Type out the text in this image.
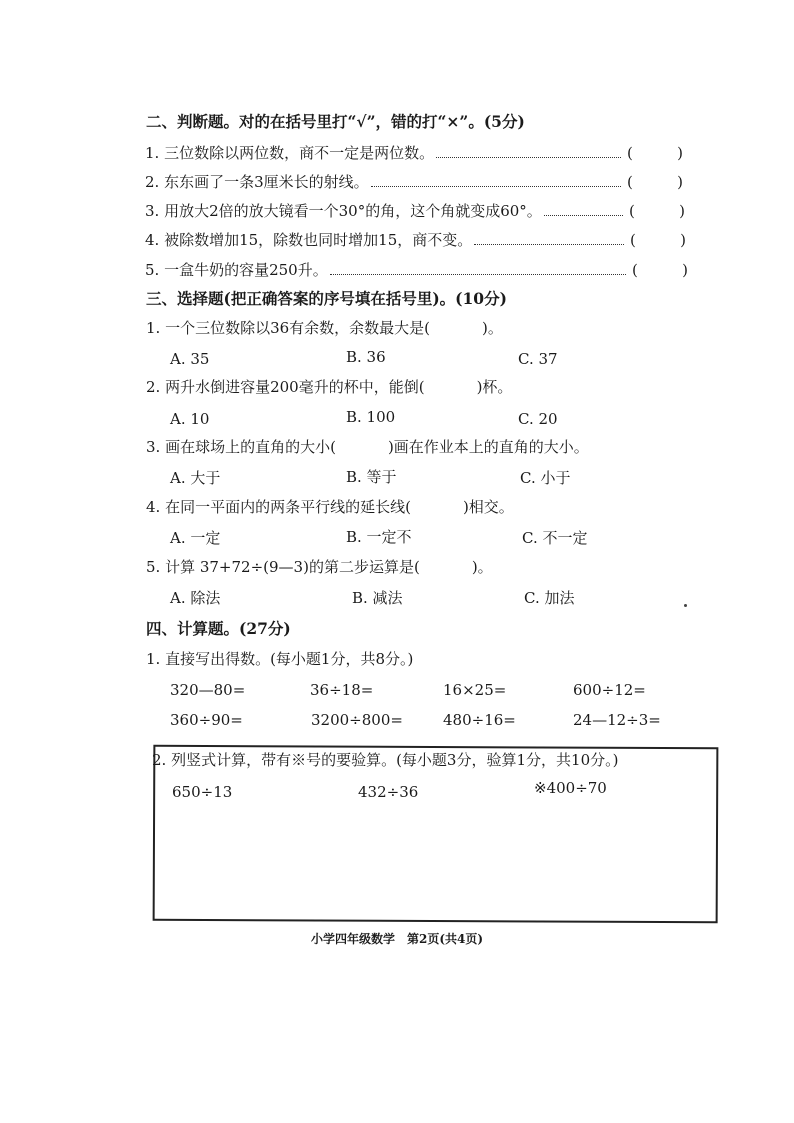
二、判断题。对的在括号里打“√”，错的打“×”。(5分)
1. 三位数除以两位数，商不一定是两位数。	(	)
2. 东东画了一条3厘米长的射线。	(	)
3. 用放大2倍的放大镜看一个30°的角，这个角就变成60°。	(	)
4. 被除数增加15，除数也同时增加15，商不变。	(	)
5. 一盒牛奶的容量250升。	(	)
三、选择题(把正确答案的序号填在括号里)。(10分)
1. 一个三位数除以36有余数，余数最大是(	)。
A. 35	B. 36	C. 37
2. 两升水倒进容量200毫升的杯中，能倒(	)杯。
A. 10	B. 100	C. 20
3. 画在球场上的直角的大小(	)画在作业本上的直角的大小。
A. 大于	B. 等于	C. 小于
4. 在同一平面内的两条平行线的延长线(	)相交。
A. 一定	B. 一定不	C. 不一定
5. 计算 37+72÷(9—3)的第二步运算是(	)。
A. 除法	B. 减法	C. 加法
四、计算题。(27分)
1. 直接写出得数。(每小题1分，共8分。)
320—80=	36÷18=	16×25=	600÷12=
360÷90=	3200÷800=	480÷16=	24—12÷3=
2. 列竖式计算，带有※号的要验算。(每小题3分，验算1分，共10分。)
650÷13	432÷36	※400÷70
小学四年级数学　第2页(共4页)
